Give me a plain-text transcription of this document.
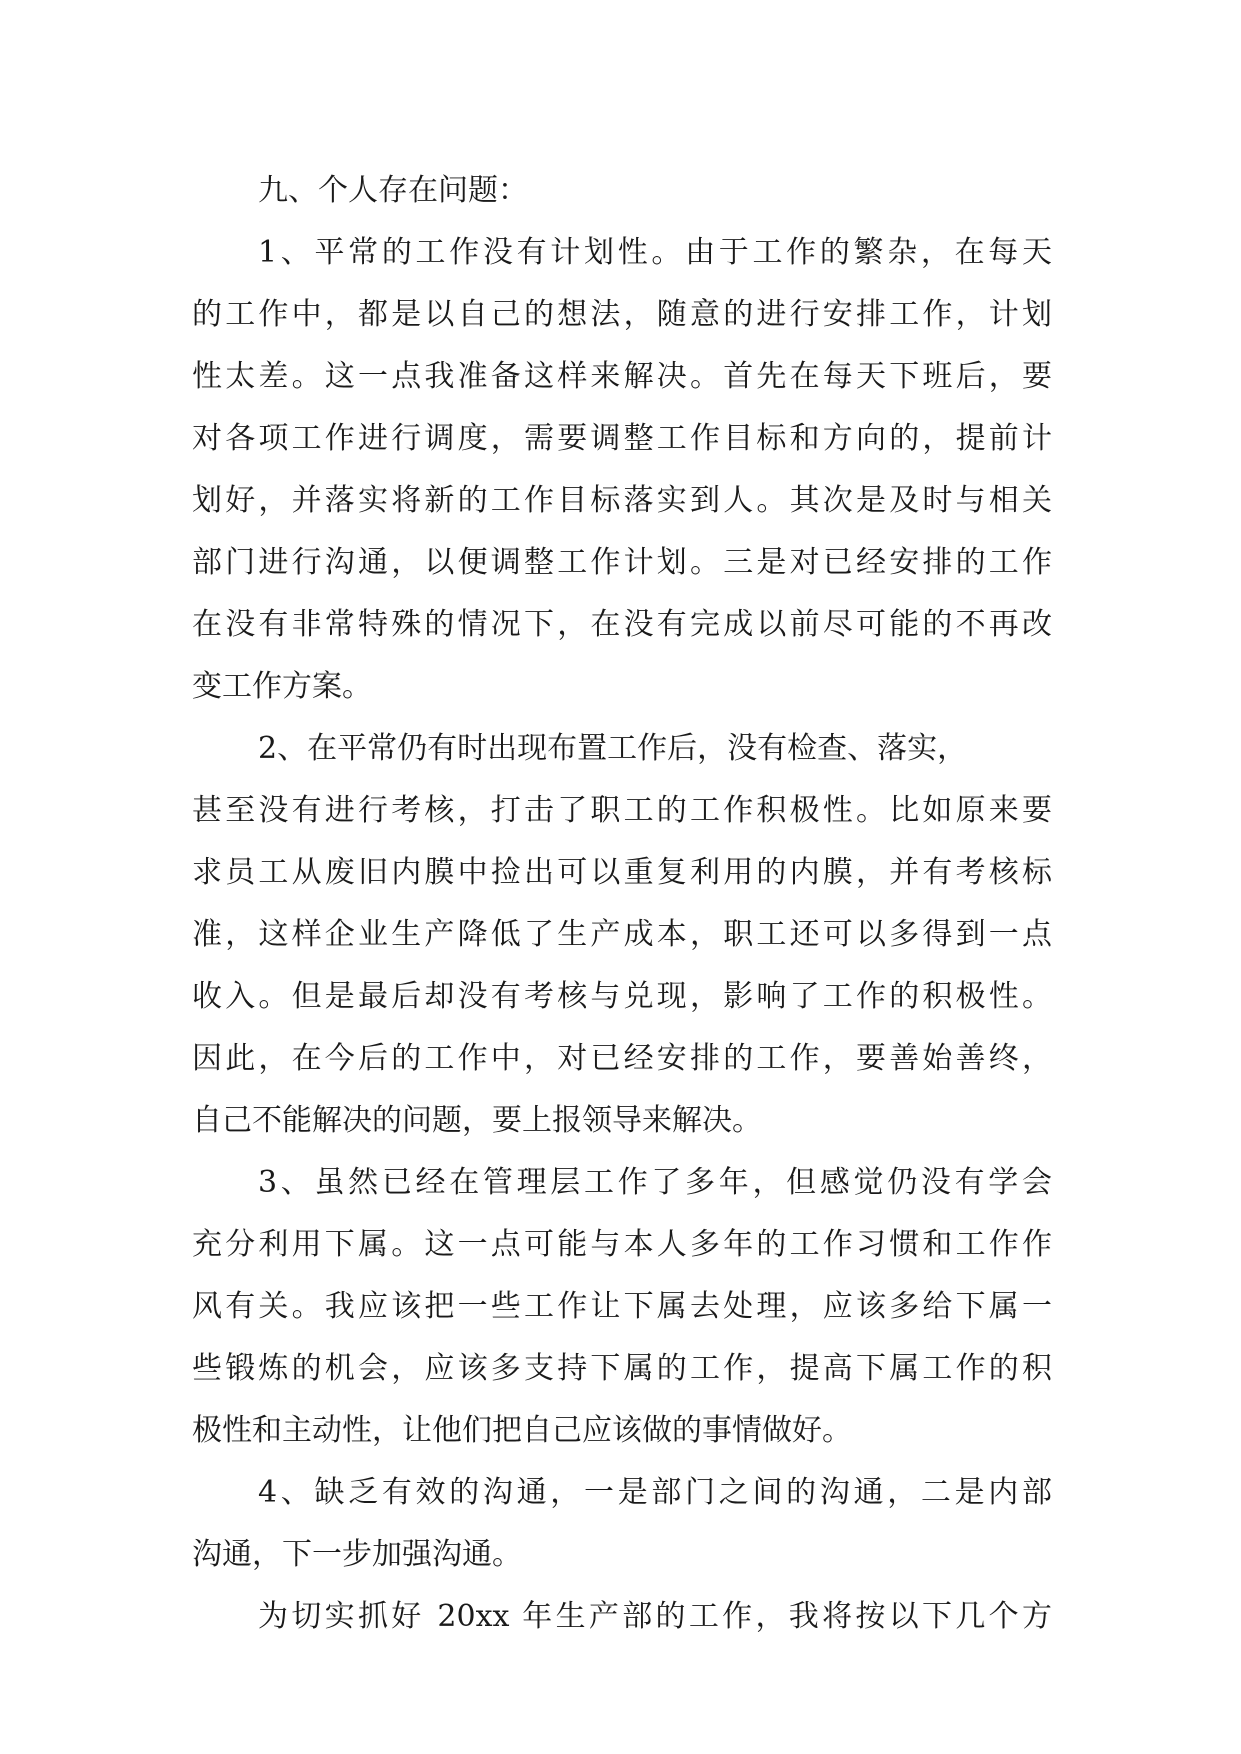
九、个人存在问题：
1、平常的工作没有计划性。由于工作的繁杂，在每天
的工作中，都是以自己的想法，随意的进行安排工作，计划
性太差。这一点我准备这样来解决。首先在每天下班后，要
对各项工作进行调度，需要调整工作目标和方向的，提前计
划好，并落实将新的工作目标落实到人。其次是及时与相关
部门进行沟通，以便调整工作计划。三是对已经安排的工作
在没有非常特殊的情况下，在没有完成以前尽可能的不再改
变工作方案。
2、在平常仍有时出现布置工作后，没有检查、落实，
甚至没有进行考核，打击了职工的工作积极性。比如原来要
求员工从废旧内膜中捡出可以重复利用的内膜，并有考核标
准，这样企业生产降低了生产成本，职工还可以多得到一点
收入。但是最后却没有考核与兑现，影响了工作的积极性。
因此，在今后的工作中，对已经安排的工作，要善始善终，
自己不能解决的问题，要上报领导来解决。
3、虽然已经在管理层工作了多年，但感觉仍没有学会
充分利用下属。这一点可能与本人多年的工作习惯和工作作
风有关。我应该把一些工作让下属去处理，应该多给下属一
些锻炼的机会，应该多支持下属的工作，提高下属工作的积
极性和主动性，让他们把自己应该做的事情做好。
4、缺乏有效的沟通，一是部门之间的沟通，二是内部
沟通，下一步加强沟通。
为切实抓好 20xx 年生产部的工作，我将按以下几个方
